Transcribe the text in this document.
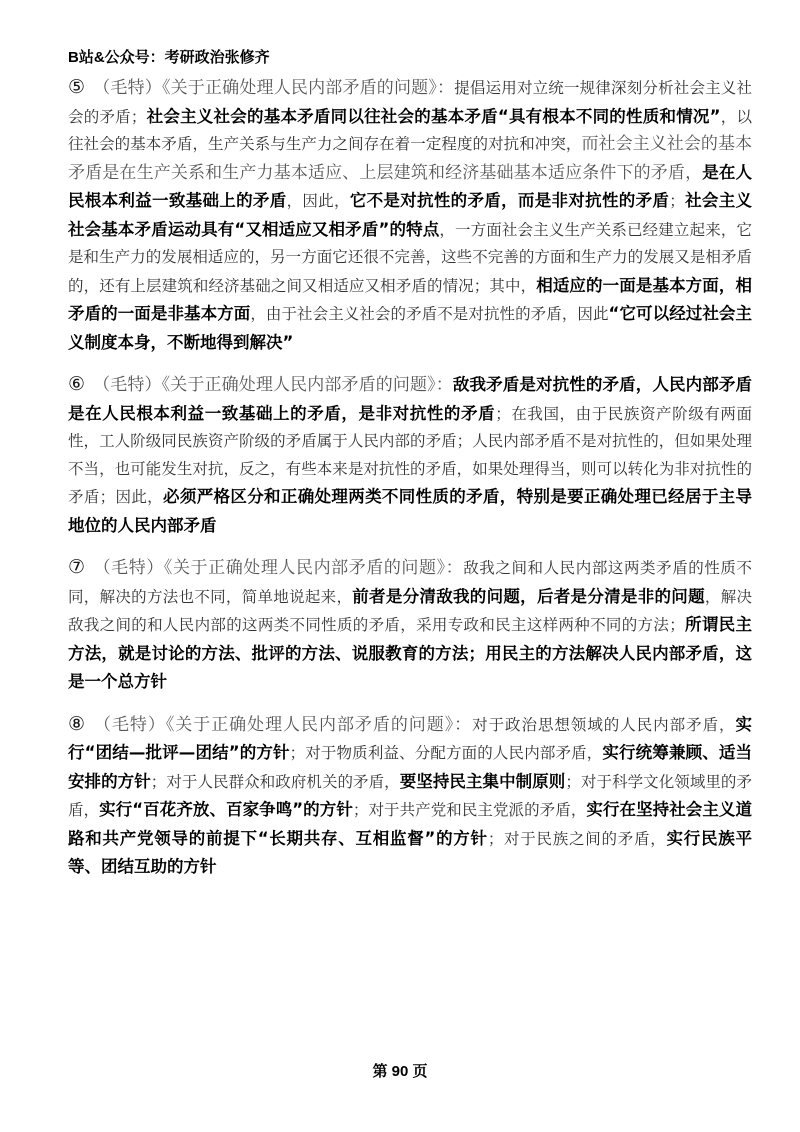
B站&公众号：考研政治张修齐

⑤ （毛特）《关于正确处理人民内部矛盾的问题》：提倡运用对立统一规律深刻分析社会主义社会的矛盾；社会主义社会的基本矛盾同以往社会的基本矛盾“具有根本不同的性质和情况”，以往社会的基本矛盾，生产关系与生产力之间存在着一定程度的对抗和冲突，而社会主义社会的基本矛盾是在生产关系和生产力基本适应、上层建筑和经济基础基本适应条件下的矛盾，是在人民根本利益一致基础上的矛盾，因此，它不是对抗性的矛盾，而是非对抗性的矛盾；社会主义社会基本矛盾运动具有“又相适应又相矛盾”的特点，一方面社会主义生产关系已经建立起来，它是和生产力的发展相适应的，另一方面它还很不完善，这些不完善的方面和生产力的发展又是相矛盾的，还有上层建筑和经济基础之间又相适应又相矛盾的情况；其中，相适应的一面是基本方面，相矛盾的一面是非基本方面，由于社会主义社会的矛盾不是对抗性的矛盾，因此“它可以经过社会主义制度本身，不断地得到解决”

⑥ （毛特）《关于正确处理人民内部矛盾的问题》：敌我矛盾是对抗性的矛盾，人民内部矛盾是在人民根本利益一致基础上的矛盾，是非对抗性的矛盾；在我国，由于民族资产阶级有两面性，工人阶级同民族资产阶级的矛盾属于人民内部的矛盾；人民内部矛盾不是对抗性的，但如果处理不当，也可能发生对抗，反之，有些本来是对抗性的矛盾，如果处理得当，则可以转化为非对抗性的矛盾；因此，必须严格区分和正确处理两类不同性质的矛盾，特别是要正确处理已经居于主导地位的人民内部矛盾

⑦ （毛特）《关于正确处理人民内部矛盾的问题》：敌我之间和人民内部这两类矛盾的性质不同，解决的方法也不同，简单地说起来，前者是分清敌我的问题，后者是分清是非的问题，解决敌我之间的和人民内部的这两类不同性质的矛盾，采用专政和民主这样两种不同的方法；所谓民主方法，就是讨论的方法、批评的方法、说服教育的方法；用民主的方法解决人民内部矛盾，这是一个总方针

⑧ （毛特）《关于正确处理人民内部矛盾的问题》：对于政治思想领域的人民内部矛盾，实行“团结—批评—团结”的方针；对于物质利益、分配方面的人民内部矛盾，实行统筹兼顾、适当安排的方针；对于人民群众和政府机关的矛盾，要坚持民主集中制原则；对于科学文化领域里的矛盾，实行“百花齐放、百家争鸣”的方针；对于共产党和民主党派的矛盾，实行在坚持社会主义道路和共产党领导的前提下“长期共存、互相监督”的方针；对于民族之间的矛盾，实行民族平等、团结互助的方针

第 90 页
